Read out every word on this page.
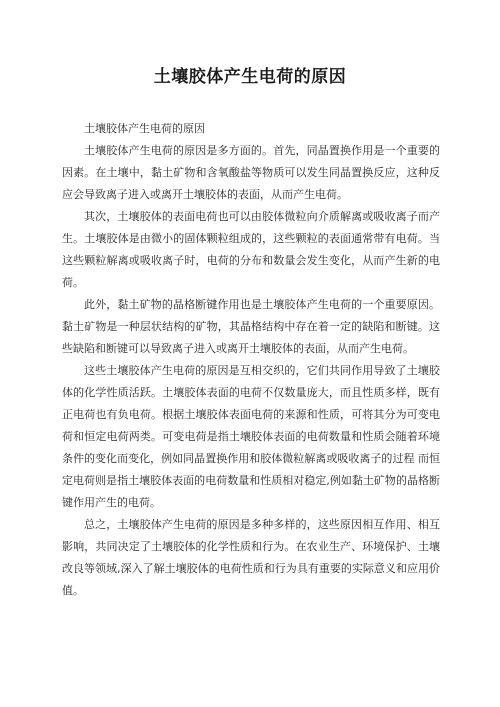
土壤胶体产生电荷的原因

土壤胶体产生电荷的原因

土壤胶体产生电荷的原因是多方面的。首先，同晶置换作用是一个重要的因素。在土壤中，黏土矿物和含氧酸盐等物质可以发生同晶置换反应，这种反应会导致离子进入或离开土壤胶体的表面，从而产生电荷。

其次，土壤胶体的表面电荷也可以由胶体微粒向介质解离或吸收离子而产生。土壤胶体是由微小的固体颗粒组成的，这些颗粒的表面通常带有电荷。当这些颗粒解离或吸收离子时，电荷的分布和数量会发生变化，从而产生新的电荷。

此外，黏土矿物的晶格断键作用也是土壤胶体产生电荷的一个重要原因。黏土矿物是一种层状结构的矿物，其晶格结构中存在着一定的缺陷和断键。这些缺陷和断键可以导致离子进入或离开土壤胶体的表面，从而产生电荷。

这些土壤胶体产生电荷的原因是互相交织的，它们共同作用导致了土壤胶体的化学性质活跃。土壤胶体表面的电荷不仅数量庞大，而且性质多样，既有正电荷也有负电荷。根据土壤胶体表面电荷的来源和性质，可将其分为可变电荷和恒定电荷两类。可变电荷是指土壤胶体表面的电荷数量和性质会随着环境条件的变化而变化，例如同晶置换作用和胶体微粒解离或吸收离子的过程 而恒定电荷则是指土壤胶体表面的电荷数量和性质相对稳定,例如黏土矿物的晶格断键作用产生的电荷。

总之，土壤胶体产生电荷的原因是多种多样的，这些原因相互作用、相互影响，共同决定了土壤胶体的化学性质和行为。在农业生产、环境保护、土壤改良等领域,深入了解土壤胶体的电荷性质和行为具有重要的实际意义和应用价值。
